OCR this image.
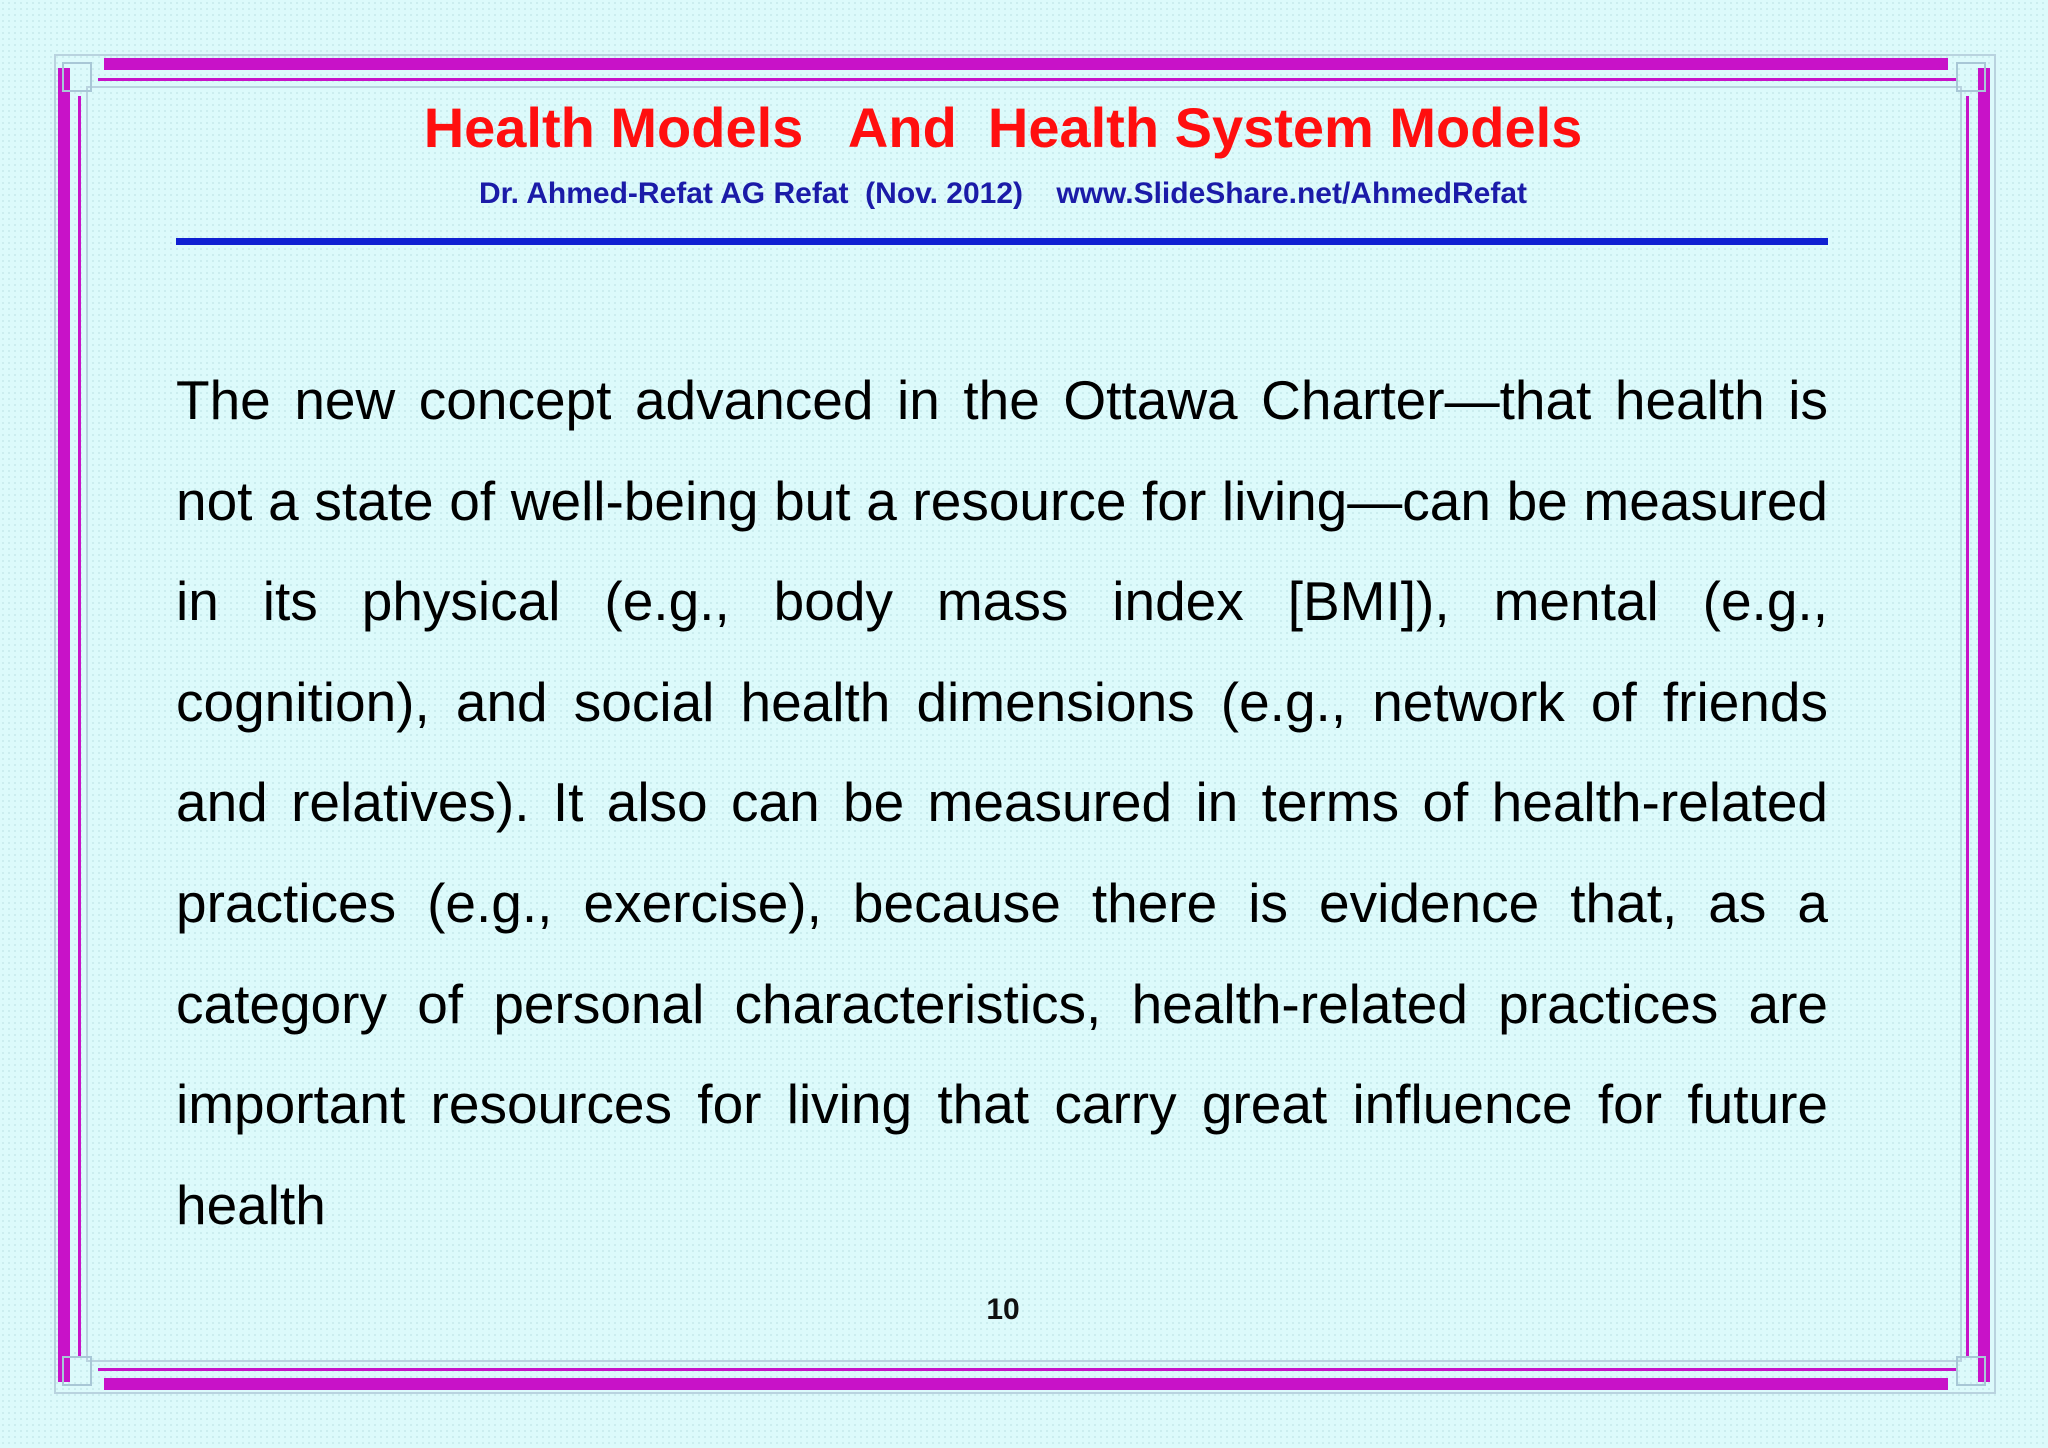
Health Models   And  Health System Models
Dr. Ahmed-Refat AG Refat  (Nov. 2012)    www.SlideShare.net/AhmedRefat

The new concept advanced in the Ottawa Charter—that health is not a state of well-being but a resource for living—can be measured in its physical (e.g., body mass index [BMI]), mental (e.g., cognition), and social health dimensions (e.g., network of friends and relatives). It also can be measured in terms of health-related practices (e.g., exercise), because there is evidence that, as a category of personal characteristics, health-related practices are important resources for living that carry great influence for future health

10
